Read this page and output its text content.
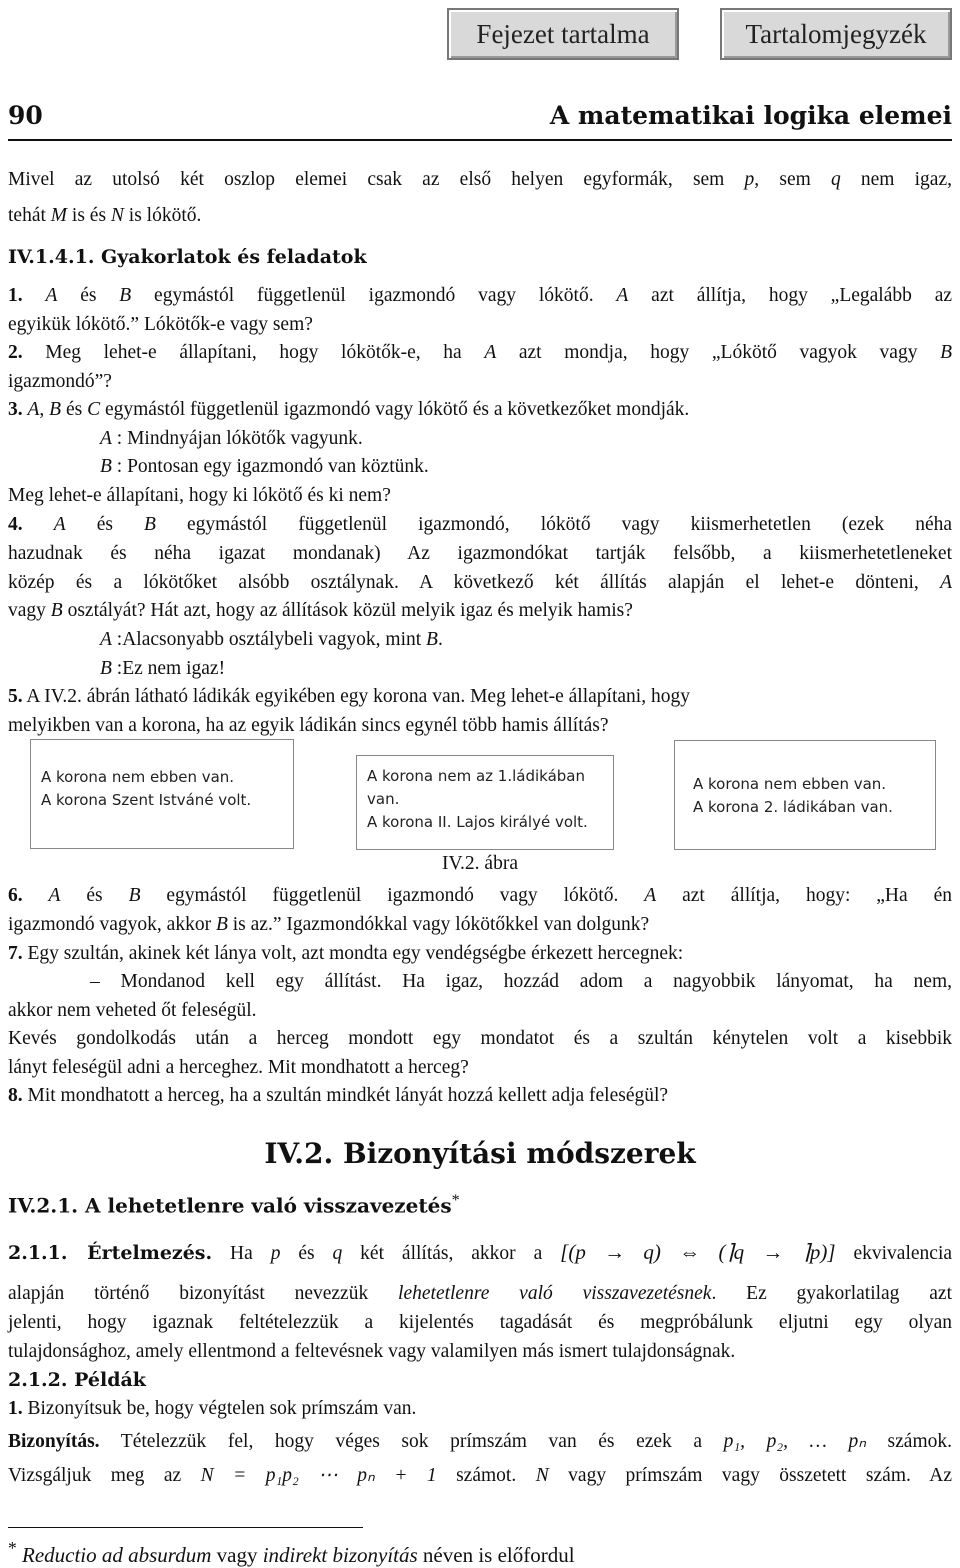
Fejezet tartalma	Tartalomjegyzék
90	A matematikai logika elemei
Mivel az utolsó két oszlop elemei csak az első helyen egyformák, sem p, sem q nem igaz,
tehát M is és N is lókötő.
IV.1.4.1. Gyakorlatok és feladatok
1. A és B egymástól függetlenül igazmondó vagy lókötő. A azt állítja, hogy „Legalább az
egyikük lókötő.” Lókötők-e vagy sem?
2. Meg lehet-e állapítani, hogy lókötők-e, ha A azt mondja, hogy „Lókötő vagyok vagy B
igazmondó”?
3. A, B és C egymástól függetlenül igazmondó vagy lókötő és a következőket mondják.
A : Mindnyájan lókötők vagyunk.
B : Pontosan egy igazmondó van köztünk.
Meg lehet-e állapítani, hogy ki lókötő és ki nem?
4. A és B egymástól függetlenül igazmondó, lókötő vagy kiismerhetetlen (ezek néha
hazudnak és néha igazat mondanak) Az igazmondókat tartják felsőbb, a kiismerhetetleneket
közép és a lókötőket alsóbb osztálynak. A következő két állítás alapján el lehet-e dönteni, A
vagy B osztályát? Hát azt, hogy az állítások közül melyik igaz és melyik hamis?
A :Alacsonyabb osztálybeli vagyok, mint B.
B :Ez nem igaz!
5. A IV.2. ábrán látható ládikák egyikében egy korona van. Meg lehet-e állapítani, hogy
melyikben van a korona, ha az egyik ládikán sincs egynél több hamis állítás?
A korona nem ebben van.
A korona Szent Istváné volt.
A korona nem az 1.ládikában
van.
A korona II. Lajos királyé volt.
A korona nem ebben van.
A korona 2. ládikában van.
IV.2. ábra
6. A és B egymástól függetlenül igazmondó vagy lókötő. A azt állítja, hogy: „Ha én
igazmondó vagyok, akkor B is az.” Igazmondókkal vagy lókötőkkel van dolgunk?
7. Egy szultán, akinek két lánya volt, azt mondta egy vendégségbe érkezett hercegnek:
– Mondanod kell egy állítást. Ha igaz, hozzád adom a nagyobbik lányomat, ha nem,
akkor nem veheted őt feleségül.
Kevés gondolkodás után a herceg mondott egy mondatot és a szultán kénytelen volt a kisebbik
lányt feleségül adni a herceghez. Mit mondhatott a herceg?
8. Mit mondhatott a herceg, ha a szultán mindkét lányát hozzá kellett adja feleségül?
IV.2. Bizonyítási módszerek
IV.2.1. A lehetetlenre való visszavezetés*
2.1.1. Értelmezés. Ha p és q két állítás, akkor a [(p → q) ⇔ (⌉q → ⌉p)] ekvivalencia
alapján történő bizonyítást nevezzük lehetetlenre való visszavezetésnek. Ez gyakorlatilag azt
jelenti, hogy igaznak feltételezzük a kijelentés tagadását és megpróbálunk eljutni egy olyan
tulajdonsághoz, amely ellentmond a feltevésnek vagy valamilyen más ismert tulajdonságnak.
2.1.2. Példák
1. Bizonyítsuk be, hogy végtelen sok prímszám van.
Bizonyítás. Tételezzük fel, hogy véges sok prímszám van és ezek a p₁, p₂, … pₙ számok.
Vizsgáljuk meg az N = p₁p₂ ⋯ pₙ + 1 számot. N vagy prímszám vagy összetett szám. Az
* Reductio ad absurdum vagy indirekt bizonyítás néven is előfordul
